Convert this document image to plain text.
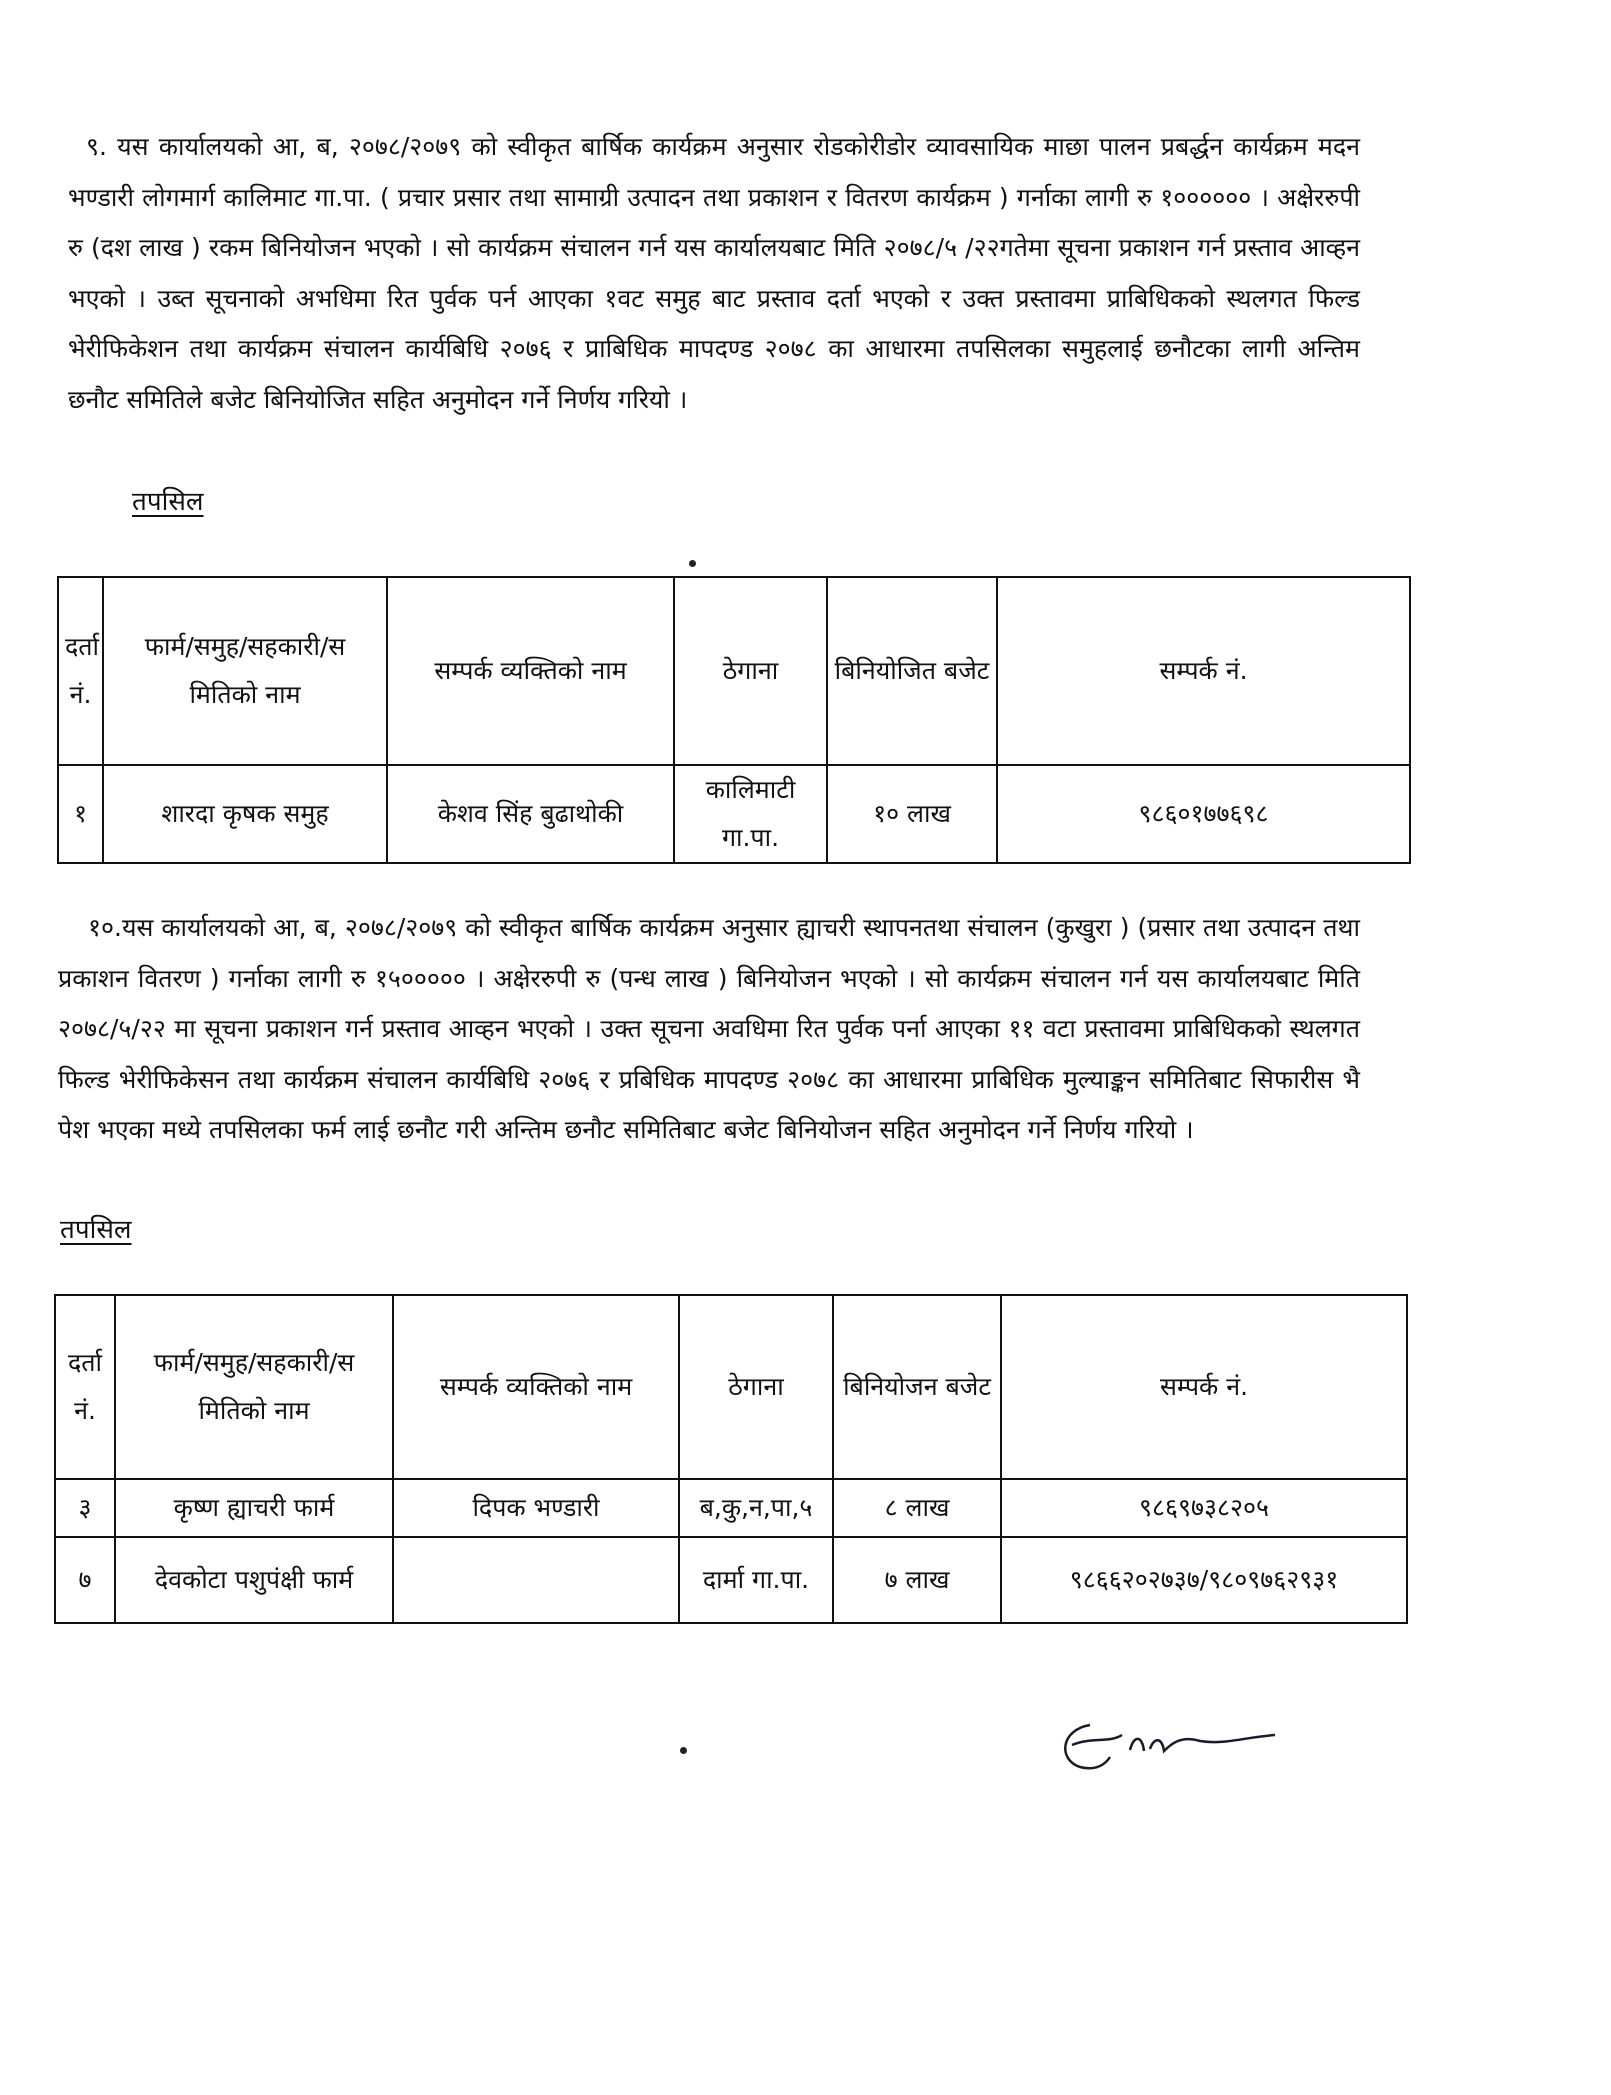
९. यस कार्यालयको आ, ब, २०७८/२०७९ को स्वीकृत बार्षिक कार्यक्रम अनुसार रोडकोरीडोर व्यावसायिक माछा पालन प्रबर्द्धन कार्यक्रम मदन भण्डारी लोगमार्ग कालिमाट गा.पा. ( प्रचार प्रसार तथा सामाग्री उत्पादन तथा प्रकाशन र वितरण कार्यक्रम ) गर्नाका लागी रु १०००००० । अक्षेररुपी रु (दश लाख ) रकम बिनियोजन भएको । सो कार्यक्रम संचालन गर्न यस कार्यालयबाट मिति २०७८/५ /२२गतेमा सूचना प्रकाशन गर्न प्रस्ताव आव्हन भएको । उब्त सूचनाको अभधिमा रित पुर्वक पर्न आएका १वट समुह बाट प्रस्ताव दर्ता भएको र उक्त प्रस्तावमा प्राबिधिकको स्थलगत फिल्ड भेरीफिकेशन तथा कार्यक्रम संचालन कार्यबिधि २०७६ र प्राबिधिक मापदण्ड २०७८ का आधारमा तपसिलका समुहलाई छनौटका लागी अन्तिम छनौट समितिले बजेट बिनियोजित सहित अनुमोदन गर्ने निर्णय गरियो ।

तपसिल
दर्ता नं.	फार्म/समुह/सहकारी/स मितिको नाम	सम्पर्क व्यक्तिको नाम	ठेगाना	बिनियोजित बजेट	सम्पर्क नं.
१	शारदा कृषक समुह	केशव सिंह बुढाथोकी	कालिमाटी गा.पा.	१० लाख	९८६०१७७६९८

१०.यस कार्यालयको आ, ब, २०७८/२०७९ को स्वीकृत बार्षिक कार्यक्रम अनुसार ह्याचरी स्थापनतथा संचालन (कुखुरा ) (प्रसार तथा उत्पादन तथा प्रकाशन वितरण ) गर्नाका लागी रु १५००००० । अक्षेररुपी रु (पन्ध लाख ) बिनियोजन भएको । सो कार्यक्रम संचालन गर्न यस कार्यालयबाट मिति २०७८/५/२२ मा सूचना प्रकाशन गर्न प्रस्ताव आव्हन भएको । उक्त सूचना अवधिमा रित पुर्वक पर्ना आएका ११ वटा प्रस्तावमा प्राबिधिकको स्थलगत फिल्ड भेरीफिकेसन तथा कार्यक्रम संचालन कार्यबिधि २०७६ र प्रबिधिक मापदण्ड २०७८ का आधारमा प्राबिधिक मुल्याङ्कन समितिबाट सिफारीस भै पेश भएका मध्ये तपसिलका फर्म लाई छनौट गरी अन्तिम छनौट समितिबाट बजेट बिनियोजन सहित अनुमोदन गर्ने निर्णय गरियो ।

तपसिल
दर्ता नं.	फार्म/समुह/सहकारी/स मितिको नाम	सम्पर्क व्यक्तिको नाम	ठेगाना	बिनियोजन बजेट	सम्पर्क नं.
३	कृष्ण ह्याचरी फार्म	दिपक भण्डारी	ब,कु,न,पा,५	८ लाख	९८६९७३८२०५
७	देवकोटा पशुपंक्षी फार्म		दार्मा गा.पा.	७ लाख	९८६६२०२७३७/९८०९७६२९३१
